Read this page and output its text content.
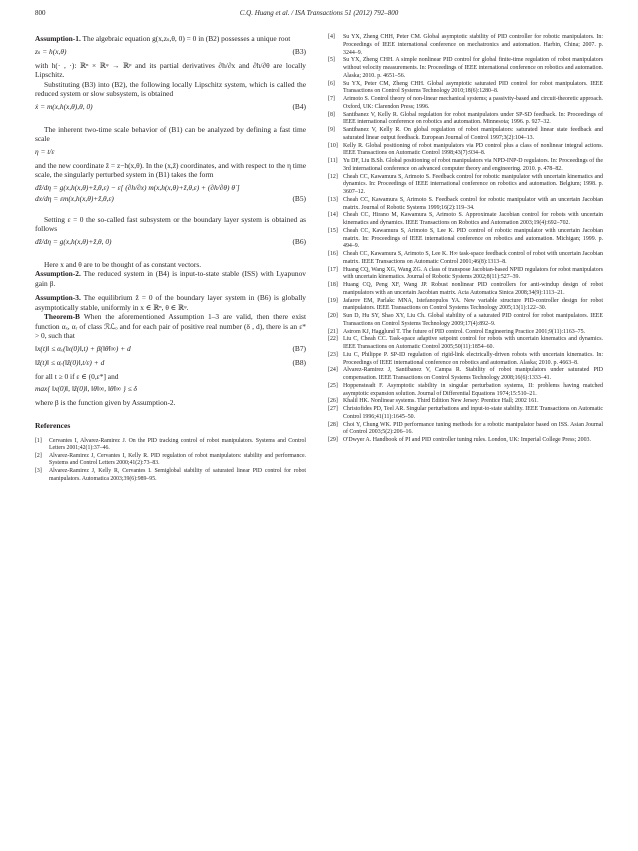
800	C.Q. Huang et al. / ISA Transactions 51 (2012) 792–800

Assumption-1. The algebraic equation g(x,zₛ,θ, 0) = 0 in (B2) possesses a unique root

zₛ = h(x,θ)	(B3)

with h(· , ·): ℝⁿ × ℝᵠ → ℝᵖ and its partial derivatives ∂h/∂x and ∂h/∂θ are locally Lipschitz.

Substituting (B3) into (B2), the following locally Lipschitz system, which is called the reduced system or slow subsystem, is obtained

ẋ = m(x,h(x,θ),θ, 0)	(B4)

The inherent two-time scale behavior of (B1) can be analyzed by defining a fast time scale

η = t/ε

and the new coordinate z̃ = z−h(x,θ). In the (x,z̃) coordinates, and with respect to the η time scale, the singularly perturbed system in (B1) takes the form

dz̃/dη = g(x,h(x,θ)+z̃,θ,ε) − ε[ (∂h/∂x) m(x,h(x,θ)+z̃,θ,ε) + (∂h/∂θ) θ̇ ]
dx/dη = εm(x,h(x,θ)+z̃,θ,ε)	(B5)

Setting ε = 0 the so-called fast subsystem or the boundary layer system is obtained as follows

dz̃/dη = g(x,h(x,θ)+z̃,θ, 0)	(B6)

Here x and θ are to be thought of as constant vectors.

Assumption-2. The reduced system in (B4) is input-to-state stable (ISS) with Lyapunov gain β.

Assumption-3. The equilibrium z̃ = 0 of the boundary layer system in (B6) is globally asymptotically stable, uniformly in x ∈ ℝⁿ, θ ∈ ℝᵠ.

Theorem-B When the aforementioned Assumption 1–3 are valid, then there exist function αₓ, αᵣ of class ℛℒₒ and for each pair of positive real number (δ , d), there is an ε* > 0, such that

‖x(t)‖ ≤ αₓ(‖x(0)‖,t) + β(‖θ̇‖∞) + d	(B7)
‖z̃(t)‖ ≤ αᵣ(‖z̃(0)‖,t/ε) + d	(B8)

for all t ≥ 0 if ε ∈ (0,ε*] and

max{ ‖x(0)‖, ‖z̃(0)‖, ‖θ‖∞, ‖θ̇‖∞ } ≤ δ

where β is the function given by Assumption-2.

References
[1] Cervantes I, Alvarez-Ramirez J. On the PID tracking control of robot manipulators. Systems and Control Letters 2001;42(1):37–46.
[2] Alvarez-Ramirez J, Cervantes I, Kelly R. PID regulation of robot manipulators: stability and performance. Systems and Control Letters 2000;41(2):73–83.
[3] Alvarez-Ramirez J, Kelly R, Cervantes I. Semiglobal stability of saturated linear PID control for robot manipulators. Automatica 2003;39(6):989–95.
[4] Su YX, Zheng CHH, Peter CM. Global asymptotic stability of PID controller for robotic manipulators. In: Proceedings of IEEE international conference on mechatronics and automation. Harbin, China; 2007. p. 3244–9.
[5] Su YX, Zheng CHH. A simple nonlinear PID control for global finite-time regulation of robot manipulators without velocity measurements. In: Proceedings of IEEE international conference on robotics and automation. Alaska; 2010. p. 4651–56.
[6] Su YX, Peter CM, Zheng CHH. Global asymptotic saturated PID control for robot manipulators. IEEE Transactions on Control Systems Technology 2010;18(6):1280–8.
[7] Arimoto S. Control theory of non-linear mechanical systems; a passivity-based and circuit-theoretic approach. Oxford, UK: Clarendon Press; 1996.
[8] Santibanez V, Kelly R. Global regulation for robot manipulators under SP-SD feedback. In: Proceedings of IEEE international conference on robotics and automation. Minnesota; 1996. p. 927–32.
[9] Santibanez V, Kelly R. On global regulation of robot manipulators: saturated linear state feedback and saturated linear output feedback. European Journal of Control 1997;3(2):104–13.
[10] Kelly R. Global positioning of robot manipulators via PD control plus a class of nonlinear integral actions. IEEE Transactions on Automatic Control 1998;43(7):934–8.
[11] Yu DF, Liu B.Sh. Global positioning of robot manipulators via NPD-INP-D regulators. In: Proceedings of the 3rd international conference on advanced computer theory and engineering. 2010. p. 478–82.
[12] Cheah CC, Kawamura S, Arimoto S. Feedback control for robotic manipulator with uncertain kinematics and dynamics. In: Proceedings of IEEE international conference on robotics and automation. Belgium; 1998. p. 3607–12.
[13] Cheah CC, Kawamura S, Arimoto S. Feedback control for robotic manipulator with an uncertain Jacobian matrix. Journal of Robotic Systems 1999;16(2):119–34.
[14] Cheah CC, Hirano M, Kawamura S, Arimoto S. Approximate Jacobian control for robots with uncertain kinematics and dynamics. IEEE Transactions on Robotics and Automation 2003;19(4):692–702.
[15] Cheah CC, Kawamura S, Arimoto S, Lee K. PID control of robotic manipulator with uncertain Jacobian matrix. In: Proceedings of IEEE international conference on robotics and automation. Michigan; 1999. p. 494–9.
[16] Cheah CC, Kawamura S, Arimoto S, Lee K. H∞ task-space feedback control of robot with uncertain Jacobian matrix. IEEE Transactions on Automatic Control 2001;46(8):1313–8.
[17] Huang CQ, Wang XG, Wang ZG. A class of transpose Jacobian-based NPID regulators for robot manipulators with uncertain kinematics. Journal of Robotic Systems 2002;8(11):527–39.
[18] Huang CQ, Peng XF, Wang JP. Robust nonlinear PID controllers for anti-windup design of robot manipulators with an uncertain Jacobian matrix. Acta Automatica Sinica 2008;34(9):1113–21.
[19] Jafarov EM, Parlakc MNA, Istefanopulos YA. New variable structure PID-controller design for robot manipulators. IEEE Transactions on Control Systems Technology 2005;13(1):122–30.
[20] Sun D, Hu SY, Shao XY, Liu Ch. Global stability of a saturated PID control for robot manipulators. IEEE Transactions on Control Systems Technology 2009;17(4):892–9.
[21] Astrom KJ, Hagglund T. The future of PID control. Control Engineering Practice 2001;9(11):1163–75.
[22] Liu C, Cheah CC. Task-space adaptive setpoint control for robots with uncertain kinematics and dynamics. IEEE Transactions on Automatic Control 2005;50(11):1854–60.
[23] Liu C, Philippe P. SP-ID regulation of rigid-link electrically-driven robots with uncertain kinematics. In: Proceedings of IEEE international conference on robotics and automation. Alaska; 2010. p. 4663–8.
[24] Alvarez-Ramirez J, Santibanez V, Campa R. Stability of robot manipulators under saturated PID compensation. IEEE Transactions on Control Systems Technology 2008;16(6):1333–41.
[25] Hoppensteadt F. Asymptotic stability in singular perturbation systems, II: problems having matched asymptotic expansion solution. Journal of Differential Equations 1974;15:510–21.
[26] Khalil HK. Nonlinear systems. Third Edition New Jersey: Prentice Hall; 2002 161.
[27] Christofides PD, Teel AR. Singular perturbations and input-to-state stability. IEEE Transactions on Automatic Control 1996;41(11):1645–50.
[28] Choi Y, Chung WK. PID performance tuning methods for a robotic manipulator based on ISS. Asian Journal of Control 2003;5(2):206–16.
[29] O'Dwyer A. Handbook of PI and PID controller tuning rules. London, UK: Imperial College Press; 2003.
